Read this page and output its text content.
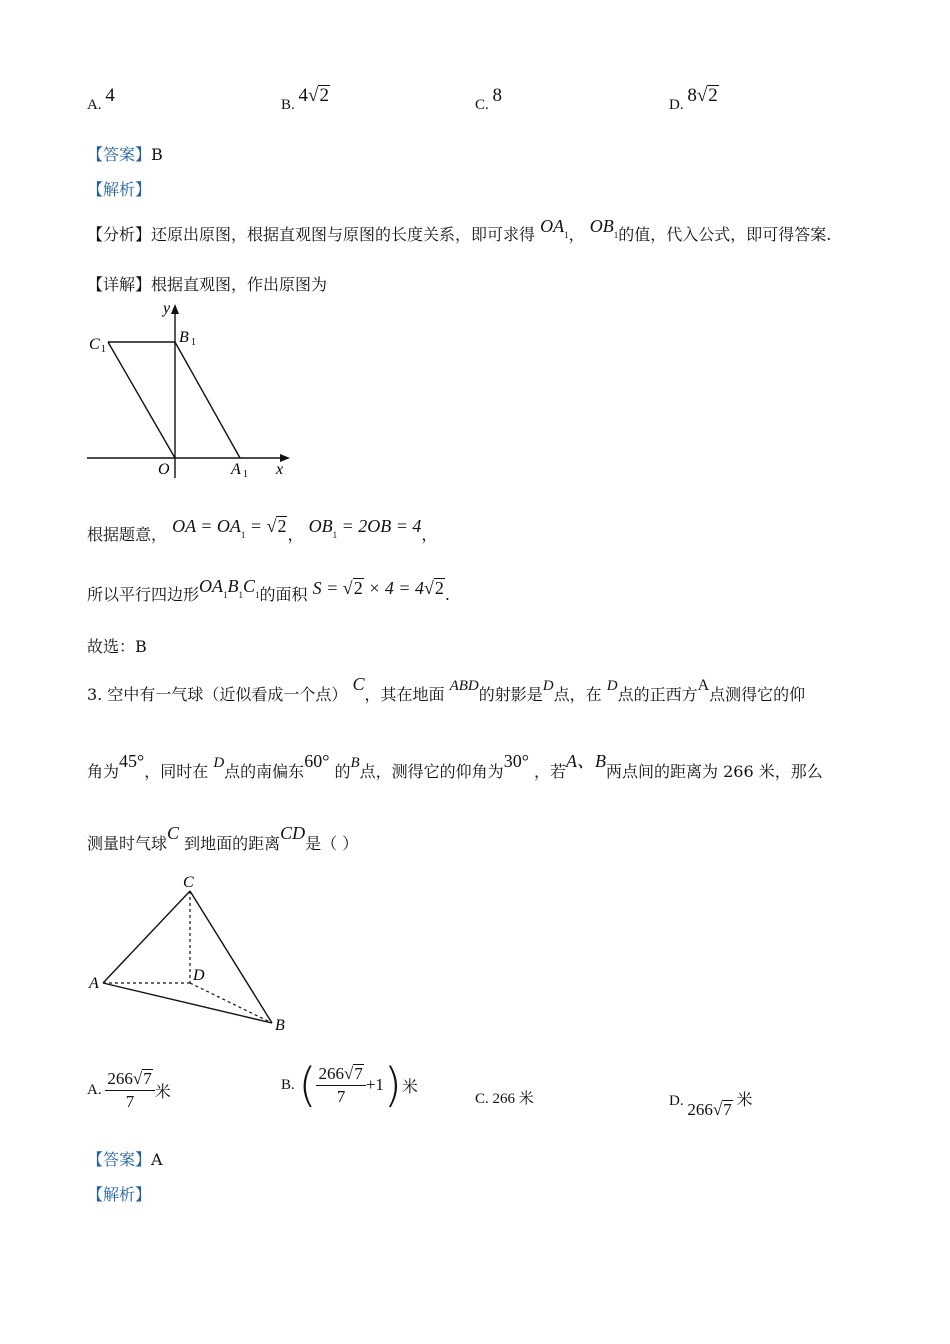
A. 4	B. 4√2	C. 8	D. 8√2
【答案】B
【解析】
【分析】还原出原图，根据直观图与原图的长度关系，即可求得 $OA_1$， $OB_1$的值，代入公式，即可得答案.
【详解】根据直观图，作出原图为
y
x
C 1
B 1
O	A 1
根据题意， OA = $OA_1 = √2$， $OB_1 = 2OB = 4$，
所以平行四边形$OA_1B_1C_1$的面积 S = √2 × 4 = 4√2.
故选：B
3. 空中有一气球（近似看成一个点） C，其在地面 ABD的射影是D点，在 D点的正西方A点测得它的仰
角为45°，同时在 D点的南偏东60° 的B点，测得它的仰角为30° ，若A、B两点间的距离为 266 米，那么
测量时气球C 到地面的距离CD是（ ）
C
D
A
B
A.
$\frac{266√7}{7}$ 米	B.
( $\frac{266√7}{7} +1$ ) 米
C. 266 米	D. 266√7 米
【答案】A
【解析】
